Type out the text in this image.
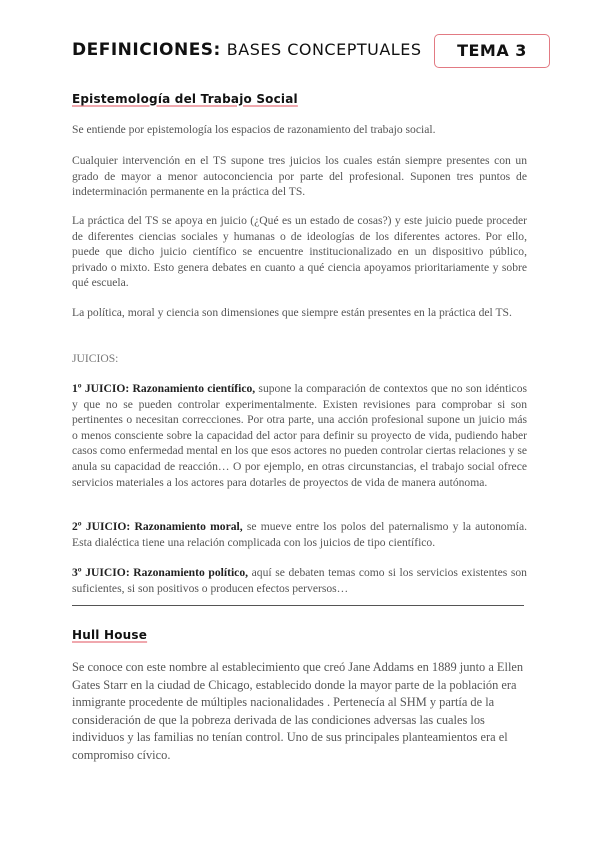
DEFINICIONES: BASES CONCEPTUALES	TEMA 3
Epistemología del Trabajo Social
Se entiende por epistemología los espacios de razonamiento del trabajo social.
Cualquier intervención en el TS supone tres juicios los cuales están siempre presentes con un grado de mayor a menor autoconciencia por parte del profesional. Suponen tres puntos de indeterminación permanente en la práctica del TS.
La práctica del TS se apoya en juicio (¿Qué es un estado de cosas?) y este juicio puede proceder de diferentes ciencias sociales y humanas o de ideologías de los diferentes actores. Por ello, puede que dicho juicio científico se encuentre institucionalizado en un dispositivo público, privado o mixto. Esto genera debates en cuanto a qué ciencia apoyamos prioritariamente y sobre qué escuela.
La política, moral y ciencia son dimensiones que siempre están presentes en la práctica del TS.
JUICIOS:
1º JUICIO: Razonamiento científico, supone la comparación de contextos que no son idénticos y que no se pueden controlar experimentalmente. Existen revisiones para comprobar si son pertinentes o necesitan correcciones. Por otra parte, una acción profesional supone un juicio más o menos consciente sobre la capacidad del actor para definir su proyecto de vida, pudiendo haber casos como enfermedad mental en los que esos actores no pueden controlar ciertas relaciones y se anula su capacidad de reacción… O por ejemplo, en otras circunstancias, el trabajo social ofrece servicios materiales a los actores para dotarles de proyectos de vida de manera autónoma.
2º JUICIO: Razonamiento moral, se mueve entre los polos del paternalismo y la autonomía. Esta dialéctica tiene una relación complicada con los juicios de tipo científico.
3º JUICIO: Razonamiento político, aquí se debaten temas como si los servicios existentes son suficientes, si son positivos o producen efectos perversos…
Hull House
Se conoce con este nombre al establecimiento que creó Jane Addams en 1889 junto a Ellen Gates Starr en la ciudad de Chicago, establecido donde la mayor parte de la población era inmigrante procedente de múltiples nacionalidades . Pertenecía al SHM y partía de la consideración de que la pobreza derivada de las condiciones adversas las cuales los individuos y las familias no tenían control. Uno de sus principales planteamientos era el compromiso cívico.
